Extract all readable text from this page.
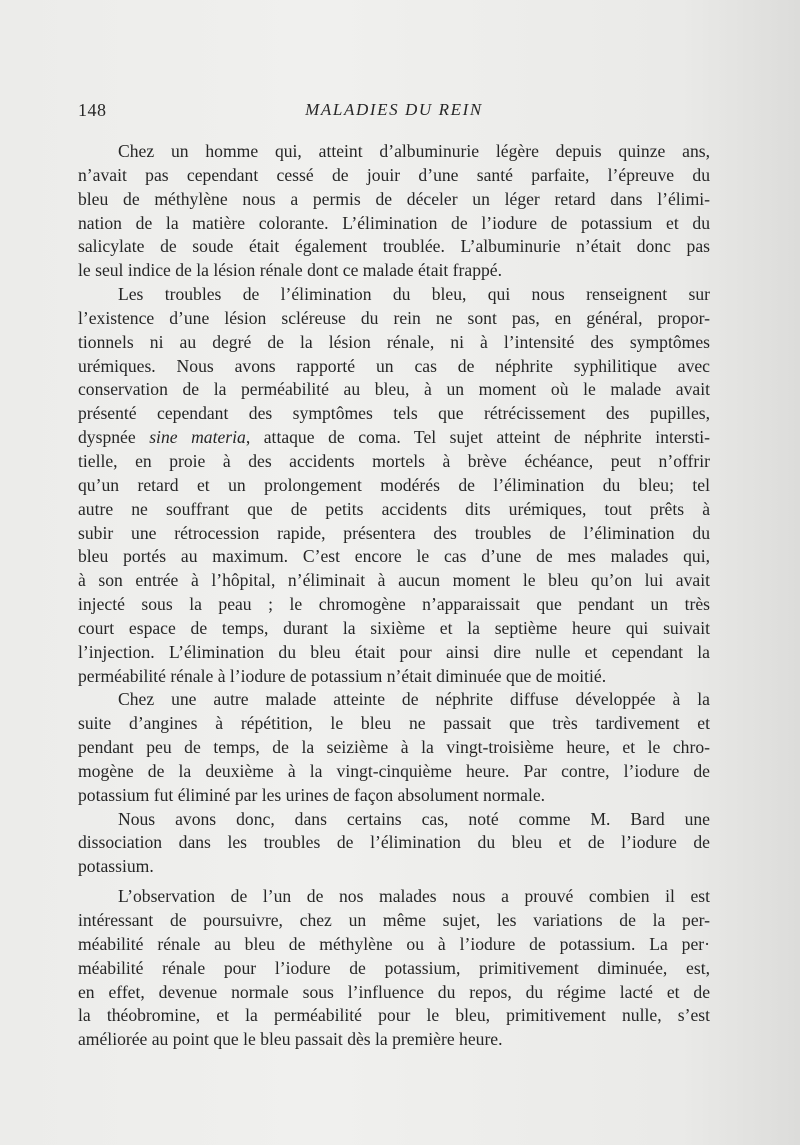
148	MALADIES DU REIN

Chez un homme qui, atteint d’albuminurie légère depuis quinze ans,
n’avait pas cependant cessé de jouir d’une santé parfaite, l’épreuve du
bleu de méthylène nous a permis de déceler un léger retard dans l’élimi-
nation de la matière colorante. L’élimination de l’iodure de potassium et du
salicylate de soude était également troublée. L’albuminurie n’était donc pas
le seul indice de la lésion rénale dont ce malade était frappé.

Les troubles de l’élimination du bleu, qui nous renseignent sur
l’existence d’une lésion scléreuse du rein ne sont pas, en général, propor-
tionnels ni au degré de la lésion rénale, ni à l’intensité des symptômes
urémiques. Nous avons rapporté un cas de néphrite syphilitique avec
conservation de la perméabilité au bleu, à un moment où le malade avait
présenté cependant des symptômes tels que rétrécissement des pupilles,
dyspnée sine materia, attaque de coma. Tel sujet atteint de néphrite intersti-
tielle, en proie à des accidents mortels à brève échéance, peut n’offrir
qu’un retard et un prolongement modérés de l’élimination du bleu; tel
autre ne souffrant que de petits accidents dits urémiques, tout prêts à
subir une rétrocession rapide, présentera des troubles de l’élimination du
bleu portés au maximum. C’est encore le cas d’une de mes malades qui,
à son entrée à l’hôpital, n’éliminait à aucun moment le bleu qu’on lui avait
injecté sous la peau ; le chromogène n’apparaissait que pendant un très
court espace de temps, durant la sixième et la septième heure qui suivait
l’injection. L’élimination du bleu était pour ainsi dire nulle et cependant la
perméabilité rénale à l’iodure de potassium n’était diminuée que de moitié.

Chez une autre malade atteinte de néphrite diffuse développée à la
suite d’angines à répétition, le bleu ne passait que très tardivement et
pendant peu de temps, de la seizième à la vingt-troisième heure, et le chro-
mogène de la deuxième à la vingt-cinquième heure. Par contre, l’iodure de
potassium fut éliminé par les urines de façon absolument normale.

Nous avons donc, dans certains cas, noté comme M. Bard une
dissociation dans les troubles de l’élimination du bleu et de l’iodure de
potassium.

L’observation de l’un de nos malades nous a prouvé combien il est
intéressant de poursuivre, chez un même sujet, les variations de la per-
méabilité rénale au bleu de méthylène ou à l’iodure de potassium. La per·
méabilité rénale pour l’iodure de potassium, primitivement diminuée, est,
en effet, devenue normale sous l’influence du repos, du régime lacté et de
la théobromine, et la perméabilité pour le bleu, primitivement nulle, s’est
améliorée au point que le bleu passait dès la première heure.
